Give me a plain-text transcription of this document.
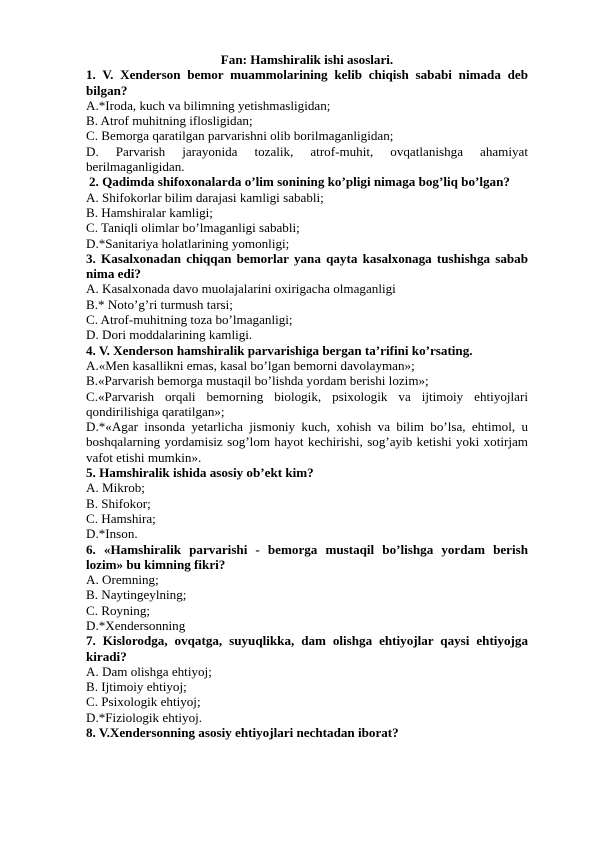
Fan: Hamshiralik ishi asoslari.
1. V. Xenderson bemor muammolarining kelib chiqish sababi nimada deb bilgan?
A.*Iroda, kuch va bilimning yetishmasligidan;
B. Atrof muhitning iflosligidan;
C. Bemorga qaratilgan parvarishni olib borilmaganligidan;
D. Parvarish jarayonida tozalik, atrof-muhit, ovqatlanishga ahamiyat berilmaganligidan.
2. Qadimda shifoxonalarda o’lim sonining ko’pligi nimaga bog’liq bo’lgan?
A. Shifokorlar bilim darajasi kamligi sababli;
B. Hamshiralar kamligi;
C. Taniqli olimlar bo’lmaganligi sababli;
D.*Sanitariya holatlarining yomonligi;
3. Kasalxonadan chiqqan bemorlar yana qayta kasalxonaga tushishga sabab nima edi?
A. Kasalxonada davo muolajalarini oxirigacha olmaganligi
B.* Noto’g’ri turmush tarsi;
C. Atrof-muhitning toza bo’lmaganligi;
D. Dori moddalarining kamligi.
4. V. Xenderson hamshiralik parvarishiga bergan ta’rifini ko’rsating.
A.«Men kasallikni emas, kasal bo’lgan bemorni davolayman»;
B.«Parvarish bemorga mustaqil bo’lishda yordam berishi lozim»;
C.«Parvarish orqali bemorning biologik, psixologik va ijtimoiy ehtiyojlari qondirilishiga qaratilgan»;
D.*«Agar insonda yetarlicha jismoniy kuch, xohish va bilim bo’lsa, ehtimol, u boshqalarning yordamisiz sog’lom hayot kechirishi, sog’ayib ketishi yoki xotirjam vafot etishi mumkin».
5. Hamshiralik ishida asosiy ob’ekt kim?
A. Mikrob;
B. Shifokor;
C. Hamshira;
D.*Inson.
6. «Hamshiralik parvarishi - bemorga mustaqil bo’lishga yordam berish lozim» bu kimning fikri?
A. Oremning;
B. Naytingeylning;
C. Royning;
D.*Xendersonning
7. Kislorodga, ovqatga, suyuqlikka, dam olishga ehtiyojlar qaysi ehtiyojga kiradi?
A. Dam olishga ehtiyoj;
B. Ijtimoiy ehtiyoj;
C. Psixologik ehtiyoj;
D.*Fiziologik ehtiyoj.
8. V.Xendersonning asosiy ehtiyojlari nechtadan iborat?
